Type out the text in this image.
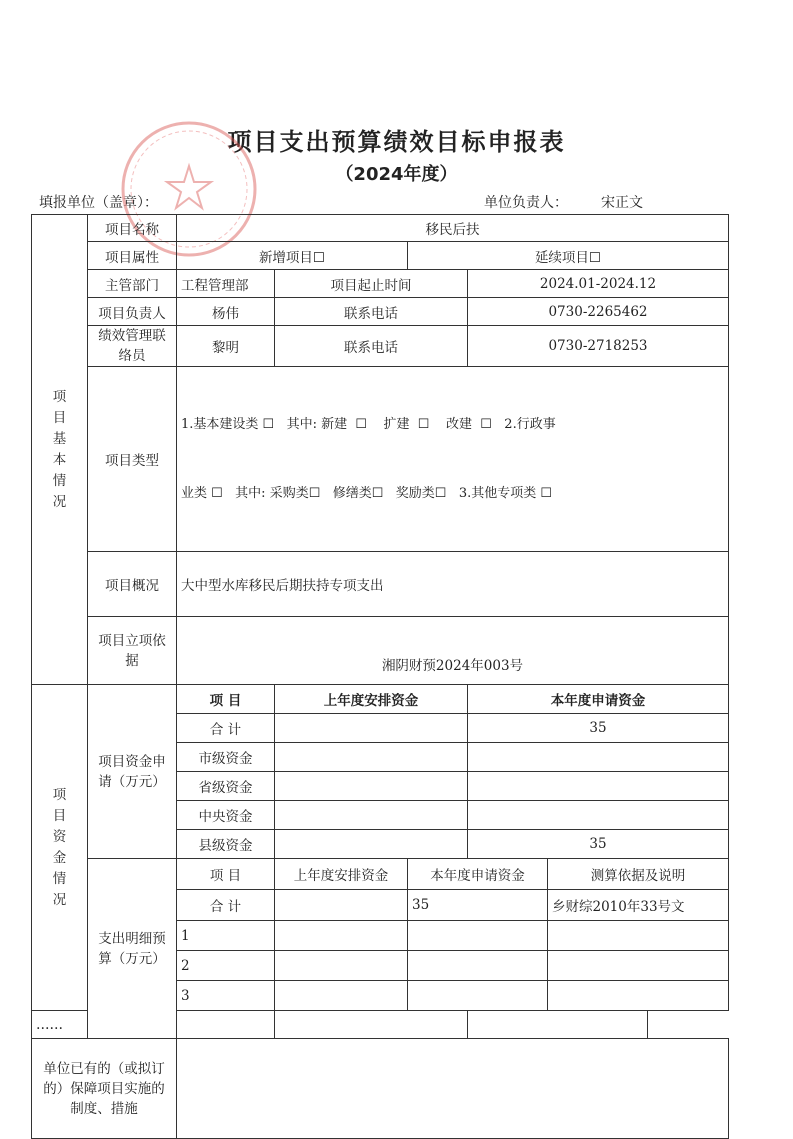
项目支出预算绩效目标申报表
（2024年度）
填报单位（盖章）：	单位负责人： 宋正文
项目基本情况	项目名称	移民后扶				
	项目属性	新增项目☐		延续项目☐		
	主管部门	工程管理部	项目起止时间		2024.01-2024.12	
	项目负责人	杨伟	联系电话		0730-2265462	
	绩效管理联络员	黎明	联系电话		0730-2718253	
	项目类型	1.基本建设类 ☐   其中: 新建  ☐    扩建  ☐    改建  ☐   2.行政事

业类 ☐   其中: 采购类☐   修缮类☐   奖励类☐   3.其他专项类 ☐				

	项目概况	大中型水库移民后期扶持专项支出				
	项目立项依据	湘阴财预2024年003号				

项目资金情况	项目资金申请（万元）	项 目	上年度安排资金		本年度申请资金	
		合 计			35	
		市级资金				
		省级资金				
		中央资金				
		县级资金			35	
	支出明细预算（万元）	项 目	上年度安排资金	本年度申请资金		测算依据及说明
		合 计		35		乡财综2010年33号文
		1				
		2				
		3				
……						
单位已有的（或拟订的）保障项目实施的制度、措施						
